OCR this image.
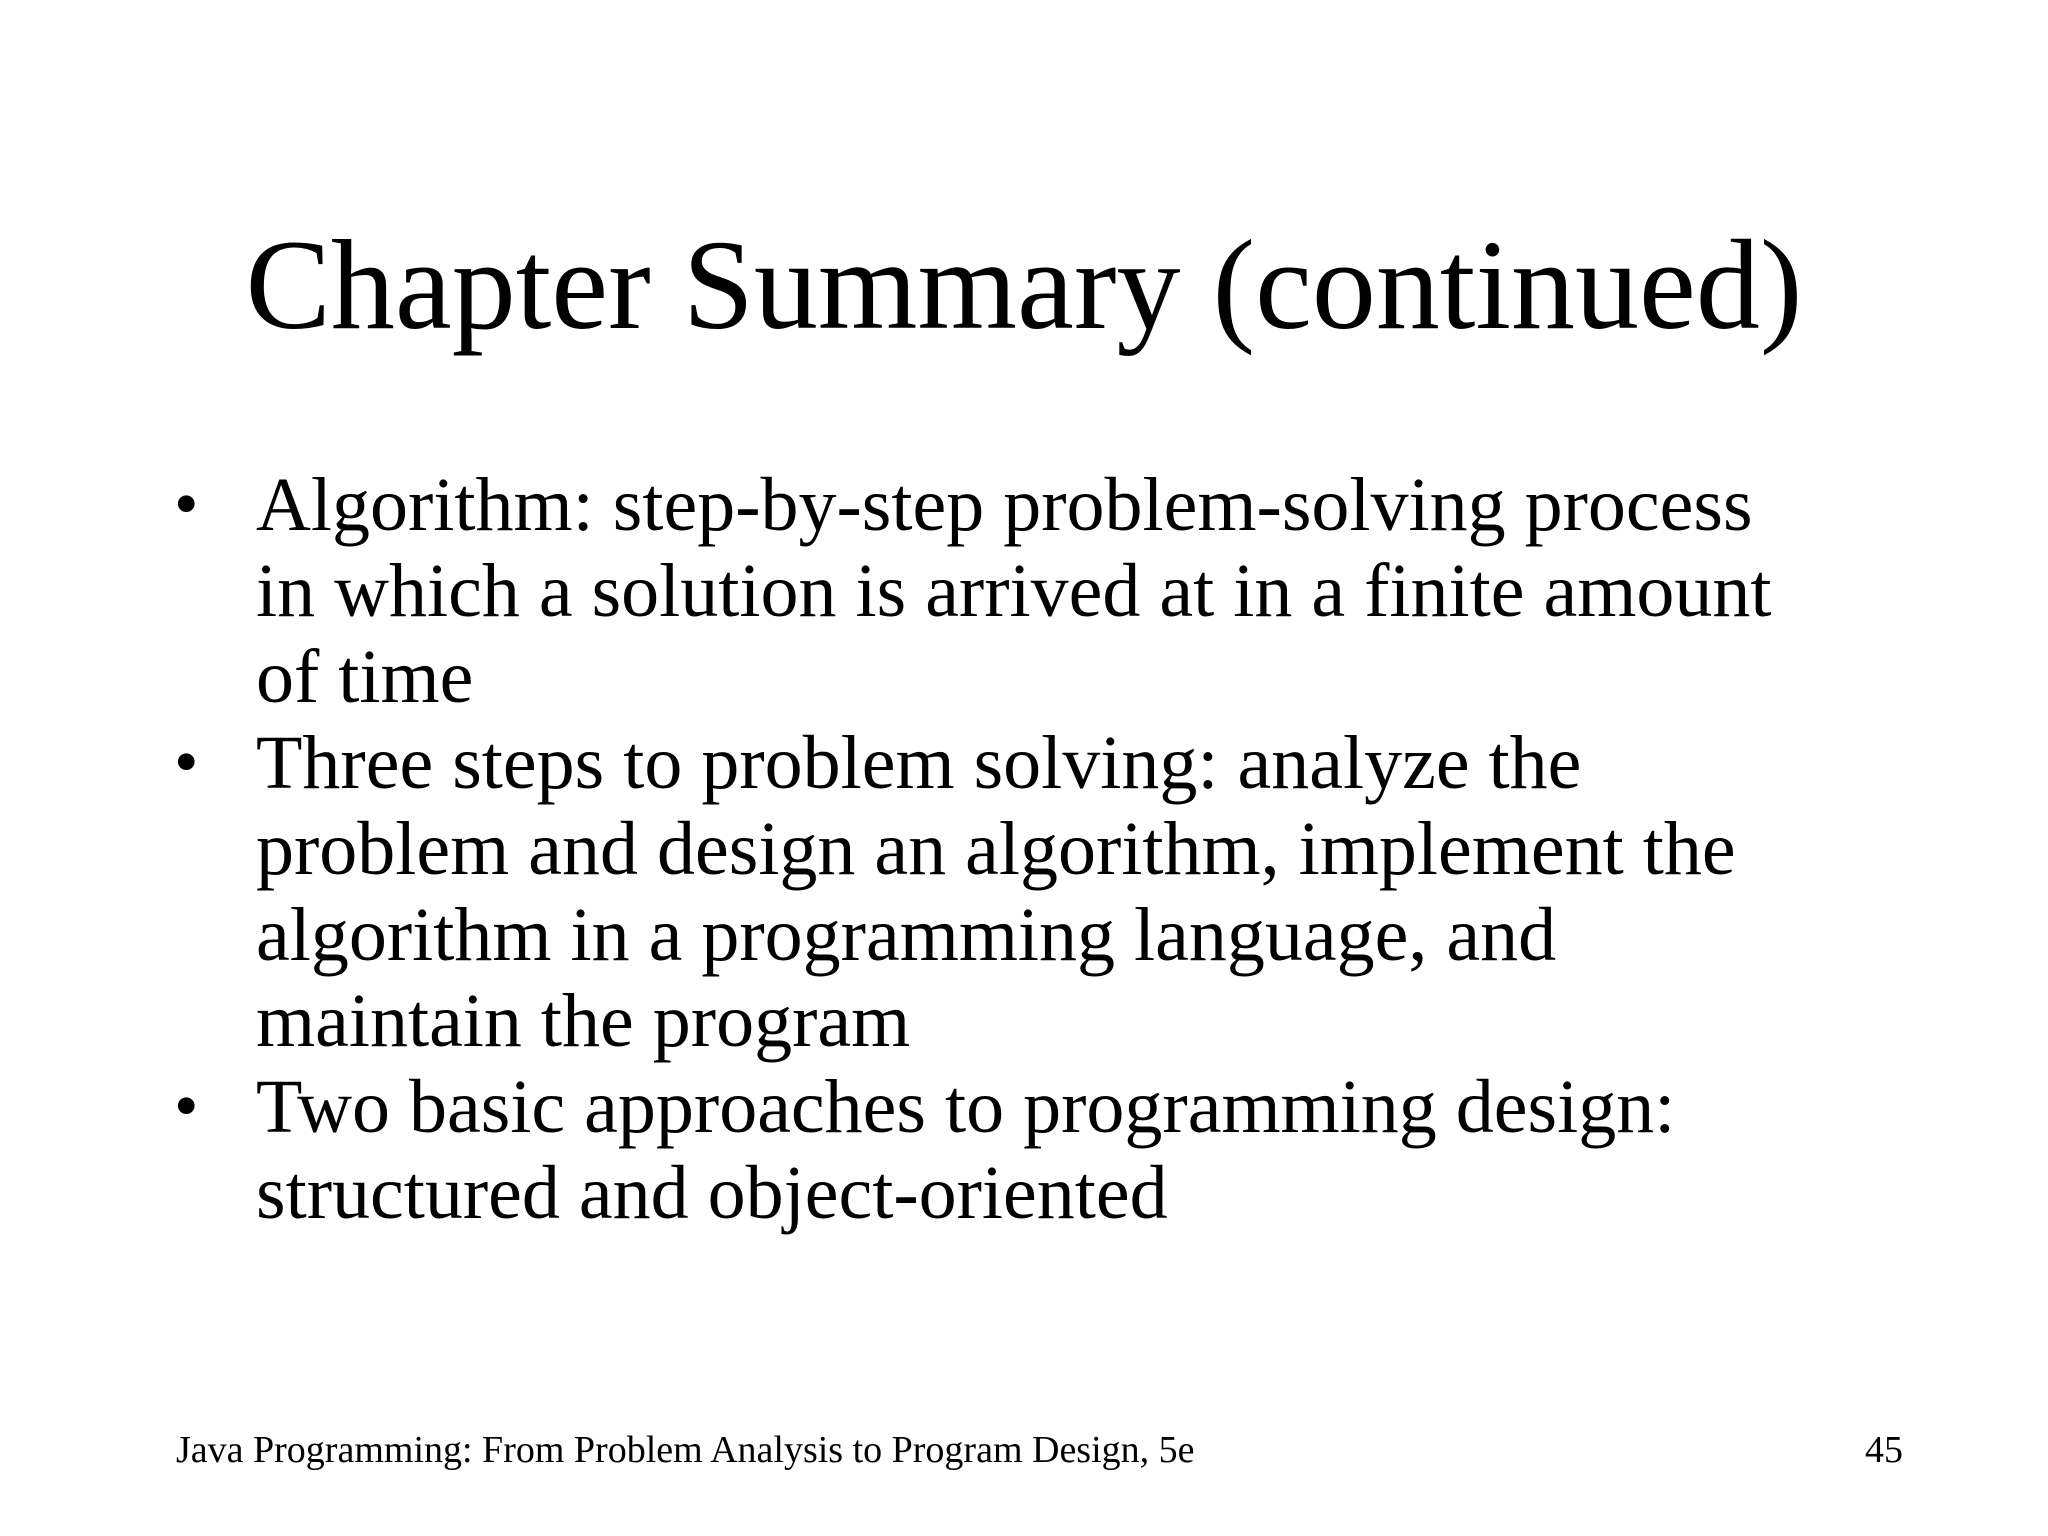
Chapter Summary (continued)
• Algorithm: step-by-step problem-solving process
in which a solution is arrived at in a finite amount
of time
• Three steps to problem solving: analyze the
problem and design an algorithm, implement the
algorithm in a programming language, and
maintain the program
• Two basic approaches to programming design:
structured and object-oriented
Java Programming: From Problem Analysis to Program Design, 5e	45
